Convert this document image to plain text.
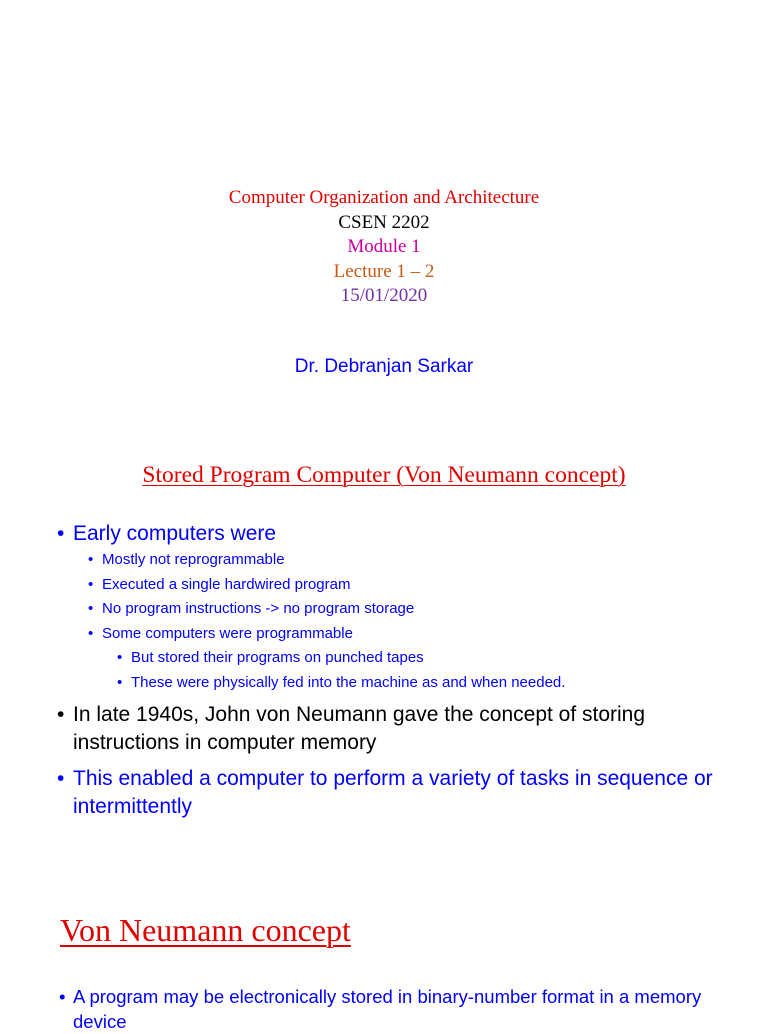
Computer Organization and Architecture
CSEN 2202
Module 1
Lecture 1 – 2
15/01/2020
Dr. Debranjan Sarkar
Stored Program Computer (Von Neumann concept)
• Early computers were
• Mostly not reprogrammable
• Executed a single hardwired program
• No program instructions -> no program storage
• Some computers were programmable
• But stored their programs on punched tapes
• These were physically fed into the machine as and when needed.
• In late 1940s, John von Neumann gave the concept of storing instructions in computer memory
• This enabled a computer to perform a variety of tasks in sequence or intermittently
Von Neumann concept
• A program may be electronically stored in binary-number format in a memory device
